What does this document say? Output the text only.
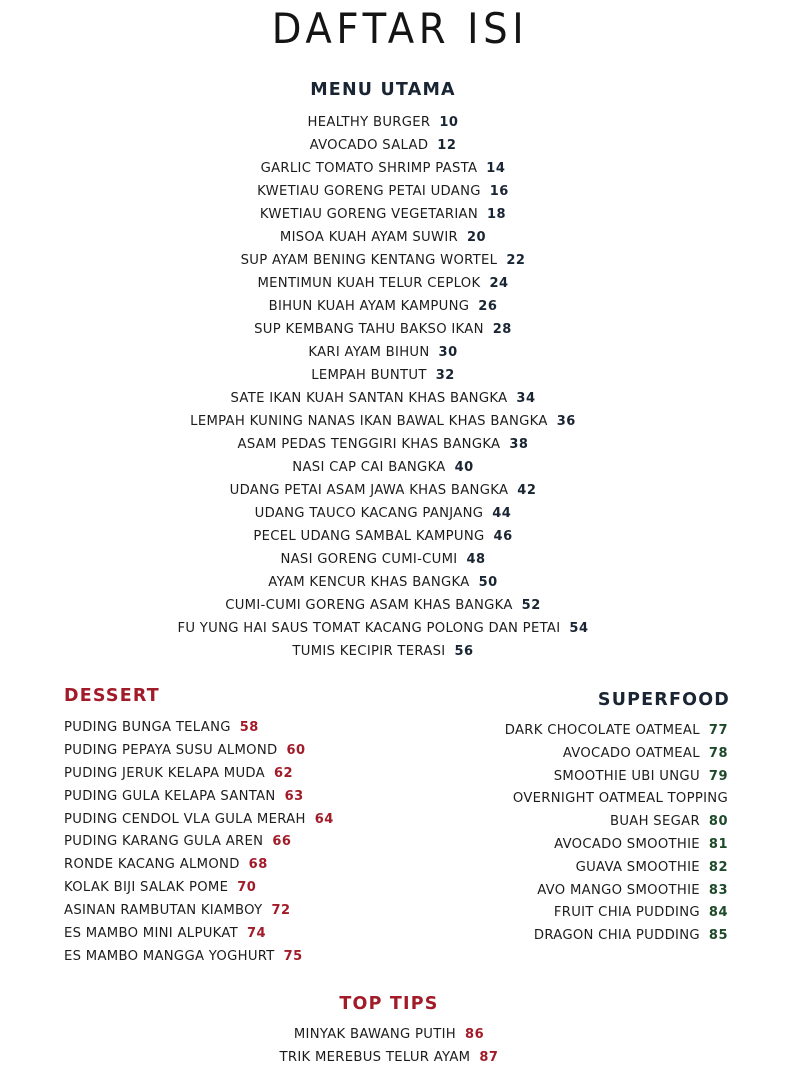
DAFTAR ISI
MENU UTAMA
HEALTHY BURGER 10
AVOCADO SALAD 12
GARLIC TOMATO SHRIMP PASTA 14
KWETIAU GORENG PETAI UDANG 16
KWETIAU GORENG VEGETARIAN 18
MISOA KUAH AYAM SUWIR 20
SUP AYAM BENING KENTANG WORTEL 22
MENTIMUN KUAH TELUR CEPLOK 24
BIHUN KUAH AYAM KAMPUNG 26
SUP KEMBANG TAHU BAKSO IKAN 28
KARI AYAM BIHUN 30
LEMPAH BUNTUT 32
SATE IKAN KUAH SANTAN KHAS BANGKA 34
LEMPAH KUNING NANAS IKAN BAWAL KHAS BANGKA 36
ASAM PEDAS TENGGIRI KHAS BANGKA 38
NASI CAP CAI BANGKA 40
UDANG PETAI ASAM JAWA KHAS BANGKA 42
UDANG TAUCO KACANG PANJANG 44
PECEL UDANG SAMBAL KAMPUNG 46
NASI GORENG CUMI-CUMI 48
AYAM KENCUR KHAS BANGKA 50
CUMI-CUMI GORENG ASAM KHAS BANGKA 52
FU YUNG HAI SAUS TOMAT KACANG POLONG DAN PETAI 54
TUMIS KECIPIR TERASI 56
DESSERT
PUDING BUNGA TELANG 58
PUDING PEPAYA SUSU ALMOND 60
PUDING JERUK KELAPA MUDA 62
PUDING GULA KELAPA SANTAN 63
PUDING CENDOL VLA GULA MERAH 64
PUDING KARANG GULA AREN 66
RONDE KACANG ALMOND 68
KOLAK BIJI SALAK POME 70
ASINAN RAMBUTAN KIAMBOY 72
ES MAMBO MINI ALPUKAT 74
ES MAMBO MANGGA YOGHURT 75
SUPERFOOD
DARK CHOCOLATE OATMEAL 77
AVOCADO OATMEAL 78
SMOOTHIE UBI UNGU 79
OVERNIGHT OATMEAL TOPPING
BUAH SEGAR 80
AVOCADO SMOOTHIE 81
GUAVA SMOOTHIE 82
AVO MANGO SMOOTHIE 83
FRUIT CHIA PUDDING 84
DRAGON CHIA PUDDING 85
TOP TIPS
MINYAK BAWANG PUTIH 86
TRIK MEREBUS TELUR AYAM 87
